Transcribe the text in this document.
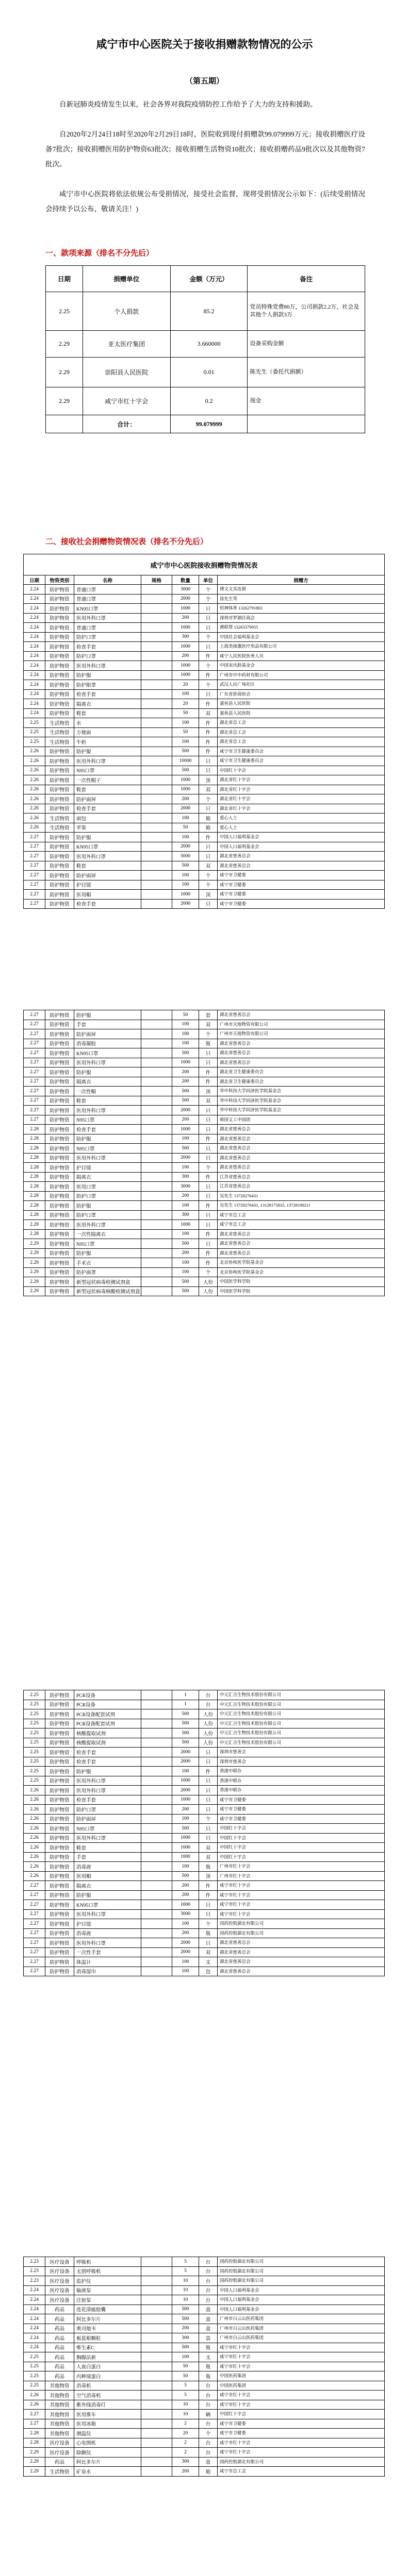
咸宁市中心医院关于接收捐赠款物情况的公示
（第五期）

自新冠肺炎疫情发生以来，社会各界对我院疫情防控工作给予了大力的支持和援助。

自2020年2月24日18时至2020年2月29日18时，医院收到现付捐赠款99.079999万元；接收捐赠医疗设备7批次；接收捐赠医用防护物资63批次；接收捐赠生活物资10批次；接收捐赠药品9批次以及其他物资7批次。

咸宁市中心医院将依法依规公布受捐情况，接受社会监督，现将受捐情况公示如下：(后续受捐情况会持续予以公布，敬请关注！)

一、款项来源（排名不分先后）
日期	捐赠单位	金额（万元）	备注
2.25	个人捐款	85.2	党员特殊党费80万，公司捐款2.2万，社会及其他个人捐款3万
2.29	亚太医疗集团	3.660000	设备采购金额
2.29	崇阳县人民医院	0.01	陈先生（委托代捐额）
2.29	咸宁市红十字会	0.2	现金
	合计：	99.079999	
二、接收社会捐赠物资情况表（排名不分先后）
咸宁市中心医院接收捐赠物资情况表						
日期	物资类别	名称	规格	数量	单位	捐赠方
2.24	防护物资	普通口罩		3000	个	博文文具连锁
2.24	防护物资	普通口罩		2000	个	徐先生等
2.24	防护物资	KN95口罩		1000	只	恒神体育 13262791802
2.24	防护物资	医用外科口罩		200	只	深圳市罗湖区商会
2.24	防护物资	普通口罩		1000	只	澳联帮 13263379055
2.24	防护物资	防护口罩		300	个	中国社会福利基金会
2.24	防护物资	检查手套		1000	只	上海美丽惠医疗用品有限公司
2.24	防护物资	防护口罩		200	件	咸宁人民医院医务人员
2.24	防护物资	医用外科口罩		1000	个	中国宋庆龄基金会
2.24	防护物资	防护服		1000	件	广州市中中药材有限公司
2.24	防护物资	防护眼罩		20	个	武汉人民广场社区
2.24	防护物资	检查手套		100	只	广东省侨商协会
2.24	防护物资	隔离衣		20	件	嘉鱼县人民医院
2.24	防护物资	鞋套		50	双	嘉鱼县人民医院
2.25	生活物资	水		100	件	湖北省总工会
2.25	生活物资	方便面		50	件	湖北省总工会
2.25	生活物资	牛奶		100	件	湖北省总工会
2.26	防护物资	防护服		500	件	咸宁市卫生健康委员会
2.26	防护物资	医用外科口罩		10000	只	咸宁市卫生健康委员会
2.26	防护物资	N95口罩		500	只	中国红十字会
2.26	防护物资	一次性帽子		1000	顶	湖北省红十字会
2.26	防护物资	鞋套		1000	双	湖北省红十字会
2.26	防护物资	防护面屏		200	个	湖北省红十字会
2.26	防护物资	检查手套		2000	只	湖北省红十字会
2.26	生活物资	面包		100	箱	爱心人士
2.26	生活物资	苹果		50	箱	爱心人士
2.27	防护物资	防护服		100	件	中国人口福利基金会
2.27	防护物资	KN95口罩		2000	只	中国人口福利基金会
2.27	防护物资	医用外科口罩		5000	只	湖北省慈善总会
2.27	防护物资	鞋套		500	双	湖北省慈善总会
2.27	防护物资	防护面屏		100	个	咸宁市卫健委
2.27	防护物资	护目镜		100	个	咸宁市卫健委
2.27	防护物资	医用帽		1000	顶	咸宁市卫健委
2.27	防护物资	检查手套		2000	只	咸宁市卫健委
2.27	防护物资	防护服		50	套	湖北省慈善总会
2.27	防护物资	手套		100	双	广州市天地物资有限公司
2.27	防护物资	防护面屏		100	个	广州市天地物资有限公司
2.27	防护物资	消毒凝胶		100	瓶	湖北省慈善总会
2.27	防护物资	KN95口罩		500	只	湖北省慈善总会
2.27	防护物资	医用外科口罩		1000	只	湖北省慈善总会
2.27	防护物资	防护服		200	件	湖北省卫生健康委员会
2.27	防护物资	隔离衣		200	件	湖北省卫生健康委员会
2.27	防护物资	一次性帽		500	顶	华中科技大学同济医学院基金会
2.27	防护物资	鞋套		500	双	华中科技大学同济医学院基金会
2.27	防护物资	医用外科口罩		2000	只	华中科技大学同济医学院基金会
2.27	防护物资	N95口罩		200	只	韩国义工中国团
2.28	防护物资	检查手套		1000	只	湖北省慈善总会
2.28	防护物资	防护服		100	件	湖北省慈善总会
2.28	防护物资	N95口罩		500	只	湖北省慈善总会
2.28	防护物资	医用外科口罩		2000	只	湖北省慈善总会
2.28	防护物资	护目镜		100	个	湖北省慈善总会
2.28	防护物资	隔离衣		300	件	江苏省慈善总会
2.28	防护物资	医用口罩		3000	只	江苏省慈善总会
2.28	防护物资	防护口罩		200	只	吴先生 13720276431
2.28	防护物资	防护服		100	件	吴先生 13720276431, 13128175835, 13728190211
2.28	防护物资	防护口罩		300	只	咸宁市总工会
2.28	防护物资	医用外科口罩		1000	只	咸宁市总工会
2.28	防护物资	一次性隔离衣		100	件	湖北省慈善总会
2.29	防护物资	N95口罩		500	只	湖北省慈善总会
2.29	防护物资	防护服		200	件	湖北省慈善总会
2.29	防护物资	手术衣		100	件	北京协和医学院基金会
2.29	防护物资	防护面罩		100	个	北京协和医学院基金会
2.29	防护物资	新型冠状病毒检测试剂盒		500	人份	中国医学科学院
2.29	防护物资	新型冠状病毒核酸检测试剂盒		500	人份	中国医学科学院
2.25	防护物资	PCR设备		1	台	中元汇吉生物技术股份有限公司
2.25	防护物资	PCR设备		1	台	中元汇吉生物技术股份有限公司
2.25	防护物资	PCR设备配套试剂		500	人份	中元汇吉生物技术股份有限公司
2.25	防护物资	PCR设备配套试剂		500	人份	中元汇吉生物技术股份有限公司
2.25	防护物资	核酸提取试剂		500	人份	中元汇吉生物技术股份有限公司
2.25	防护物资	核酸提取试剂		500	人份	中元汇吉生物技术股份有限公司
2.25	防护物资	检查手套		2000	只	深圳市慈善会
2.25	防护物资	检查手套		2000	只	深圳市慈善会
2.25	防护物资	防护服		100	件	香港中联办
2.25	防护物资	医用外科口罩		1000	只	香港中联办
2.26	防护物资	医用外科口罩		2000	只	香港中联办
2.26	防护物资	检查手套		1000	只	咸宁市卫健委
2.26	防护物资	防护口罩		200	只	咸宁市卫健委
2.26	防护物资	防护面屏		100	个	咸宁市卫健委
2.26	防护物资	N95口罩		500	只	中国红十字会
2.26	防护物资	医用外科口罩		1000	只	中国红十字会
2.26	防护物资	鞋套		1000	双	中国红十字会
2.26	防护物资	手套		1000	双	中国红十字会
2.26	防护物资	消毒液		100	瓶	广州市红十字会
2.26	防护物资	医用帽		500	顶	广州市红十字会
2.27	防护物资	隔离衣		200	件	咸宁市红十字会
2.27	防护物资	防护服		200	件	咸宁市红十字会
2.27	防护物资	KN95口罩		1000	只	咸宁市红十字会
2.27	防护物资	医用外科口罩		3000	只	咸宁市红十字会
2.27	防护物资	护目镜		100	个	国药控股湖北有限公司
2.27	防护物资	消毒液		200	瓶	国药控股湖北有限公司
2.27	防护物资	医用外科口罩		2000	只	湖北省慈善总会
2.27	防护物资	一次性手套		2000	双	湖北省慈善总会
2.27	防护物资	体温计		100	支	湖北省慈善总会
2.27	防护物资	消毒湿巾		100	包	湖北省慈善总会
2.23	医疗设备	呼吸机		5	台	国药控股湖北有限公司
2.23	医疗设备	无创呼吸机		5	台	国药控股湖北有限公司
2.23	医疗设备	监护仪		10	台	国药控股湖北有限公司
2.24	医疗设备	输液泵		10	台	中国人口福利基金会
2.24	医疗设备	注射泵		10	台	中国人口福利基金会
2.24	药品	连花清瘟胶囊		500	盒	中国人口福利基金会
2.24	药品	阿比多尔片		500	盒	广州市白云山医药集团
2.24	药品	奥司他韦		200	盒	广州市白云山医药集团
2.24	药品	板蓝根颗粒		300	袋	广州市白云山医药集团
2.24	药品	维生素C		500	瓶	咸宁市红十字会
2.25	药品	胸腺法新		100	支	咸宁市红十字会
2.25	药品	人血白蛋白		50	瓶	咸宁市红十字会
2.25	药品	丙种球蛋白		50	瓶	中国医药集团
2.25	其他物资	消毒机		5	台	中国医药集团
2.26	其他物资	空气消毒机		5	台	咸宁市红十字会
2.26	其他物资	紫外线消毒灯		10	台	咸宁市红十字会
2.27	其他物资	医用推车		10	辆	中国红十字会
2.27	其他物资	医用冰箱		2	台	咸宁市卫健委
2.28	其他物资	测温仪		20	个	咸宁市卫健委
2.28	医疗设备	心电图机		2	台	咸宁市红十字会
2.29	医疗设备	除颤仪		2	台	咸宁市红十字会
2.29	药品	阿比多尔片		300	盒	国药控股湖北有限公司
2.29	生活物资	矿泉水		200	箱	咸宁市总工会
